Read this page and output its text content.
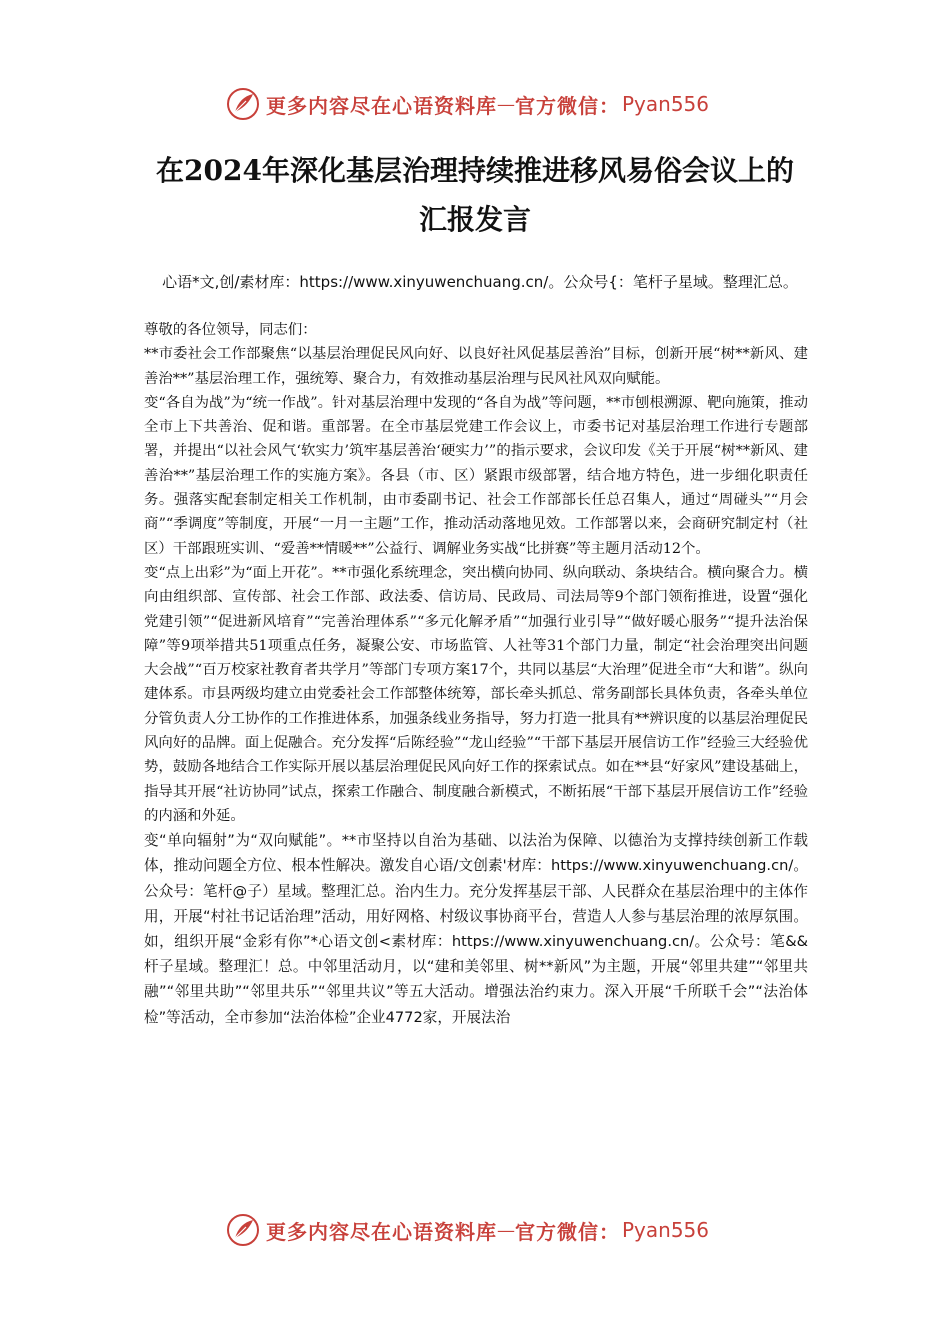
更多内容尽在心语资料库 — 官方微信： Pyan556
在2024年深化基层治理持续推进移风易俗会议上的
汇报发言
心语*文,创/素材库：https://www.xinyuwenchuang.cn/。公众号{：笔杆子星域。整理汇总。

尊敬的各位领导，同志们：

**市委社会工作部聚焦“以基层治理促民风向好、以良好社风促基层善治”目标，创新开展“树**新风、建善治**”基层治理工作，强统筹、聚合力，有效推动基层治理与民风社风双向赋能。

变“各自为战”为“统一作战”。针对基层治理中发现的“各自为战”等问题，**市刨根溯源、靶向施策，推动全市上下共善治、促和谐。重部署。在全市基层党建工作会议上，市委书记对基层治理工作进行专题部署，并提出“以社会风气‘软实力’筑牢基层善治‘硬实力’”的指示要求，会议印发《关于开展“树**新风、建善治**”基层治理工作的实施方案》。各县（市、区）紧跟市级部署，结合地方特色，进一步细化职责任务。强落实配套制定相关工作机制，由市委副书记、社会工作部部长任总召集人，通过“周碰头”“月会商”“季调度”等制度，开展“一月一主题”工作，推动活动落地见效。工作部署以来，会商研究制定村（社区）干部跟班实训、“爱善**情暖**”公益行、调解业务实战“比拼赛”等主题月活动12个。

变“点上出彩”为“面上开花”。**市强化系统理念，突出横向协同、纵向联动、条块结合。横向聚合力。横向由组织部、宣传部、社会工作部、政法委、信访局、民政局、司法局等9个部门领衔推进，设置“强化党建引领”“促进新风培育”“完善治理体系”“多元化解矛盾”“加强行业引导”“做好暖心服务”“提升法治保障”等9项举措共51项重点任务，凝聚公安、市场监管、人社等31个部门力量，制定“社会治理突出问题大会战”“百万校家社教育者共学月”等部门专项方案17个，共同以基层“大治理”促进全市“大和谐”。纵向建体系。市县两级均建立由党委社会工作部整体统筹，部长牵头抓总、常务副部长具体负责，各牵头单位分管负责人分工协作的工作推进体系，加强条线业务指导，努力打造一批具有**辨识度的以基层治理促民风向好的品牌。面上促融合。充分发挥“后陈经验”“龙山经验”“干部下基层开展信访工作”经验三大经验优势，鼓励各地结合工作实际开展以基层治理促民风向好工作的探索试点。如在**县“好家风”建设基础上，指导其开展“社访协同”试点，探索工作融合、制度融合新模式，不断拓展“干部下基层开展信访工作”经验的内涵和外延。

变“单向辐射”为“双向赋能”。**市坚持以自治为基础、以法治为保障、以德治为支撑持续创新工作载体，推动问题全方位、根本性解决。激发自心语/文创素'材库：https://www.xinyuwenchuang.cn/。公众号：笔杆@子）星域。整理汇总。治内生力。充分发挥基层干部、人民群众在基层治理中的主体作用，开展“村社书记话治理”活动，用好网格、村级议事协商平台，营造人人参与基层治理的浓厚氛围。如，组织开展“金彩有你”*心语文创<素材库：https://www.xinyuwenchuang.cn/。公众号：笔&&杆子星域。整理汇！总。中邻里活动月，以“建和美邻里、树**新风”为主题，开展“邻里共建”“邻里共融”“邻里共助”“邻里共乐”“邻里共议”等五大活动。增强法治约束力。深入开展“千所联千会”“法治体检”等活动，全市参加“法治体检”企业4772家，开展法治

更多内容尽在心语资料库 — 官方微信： Pyan556
